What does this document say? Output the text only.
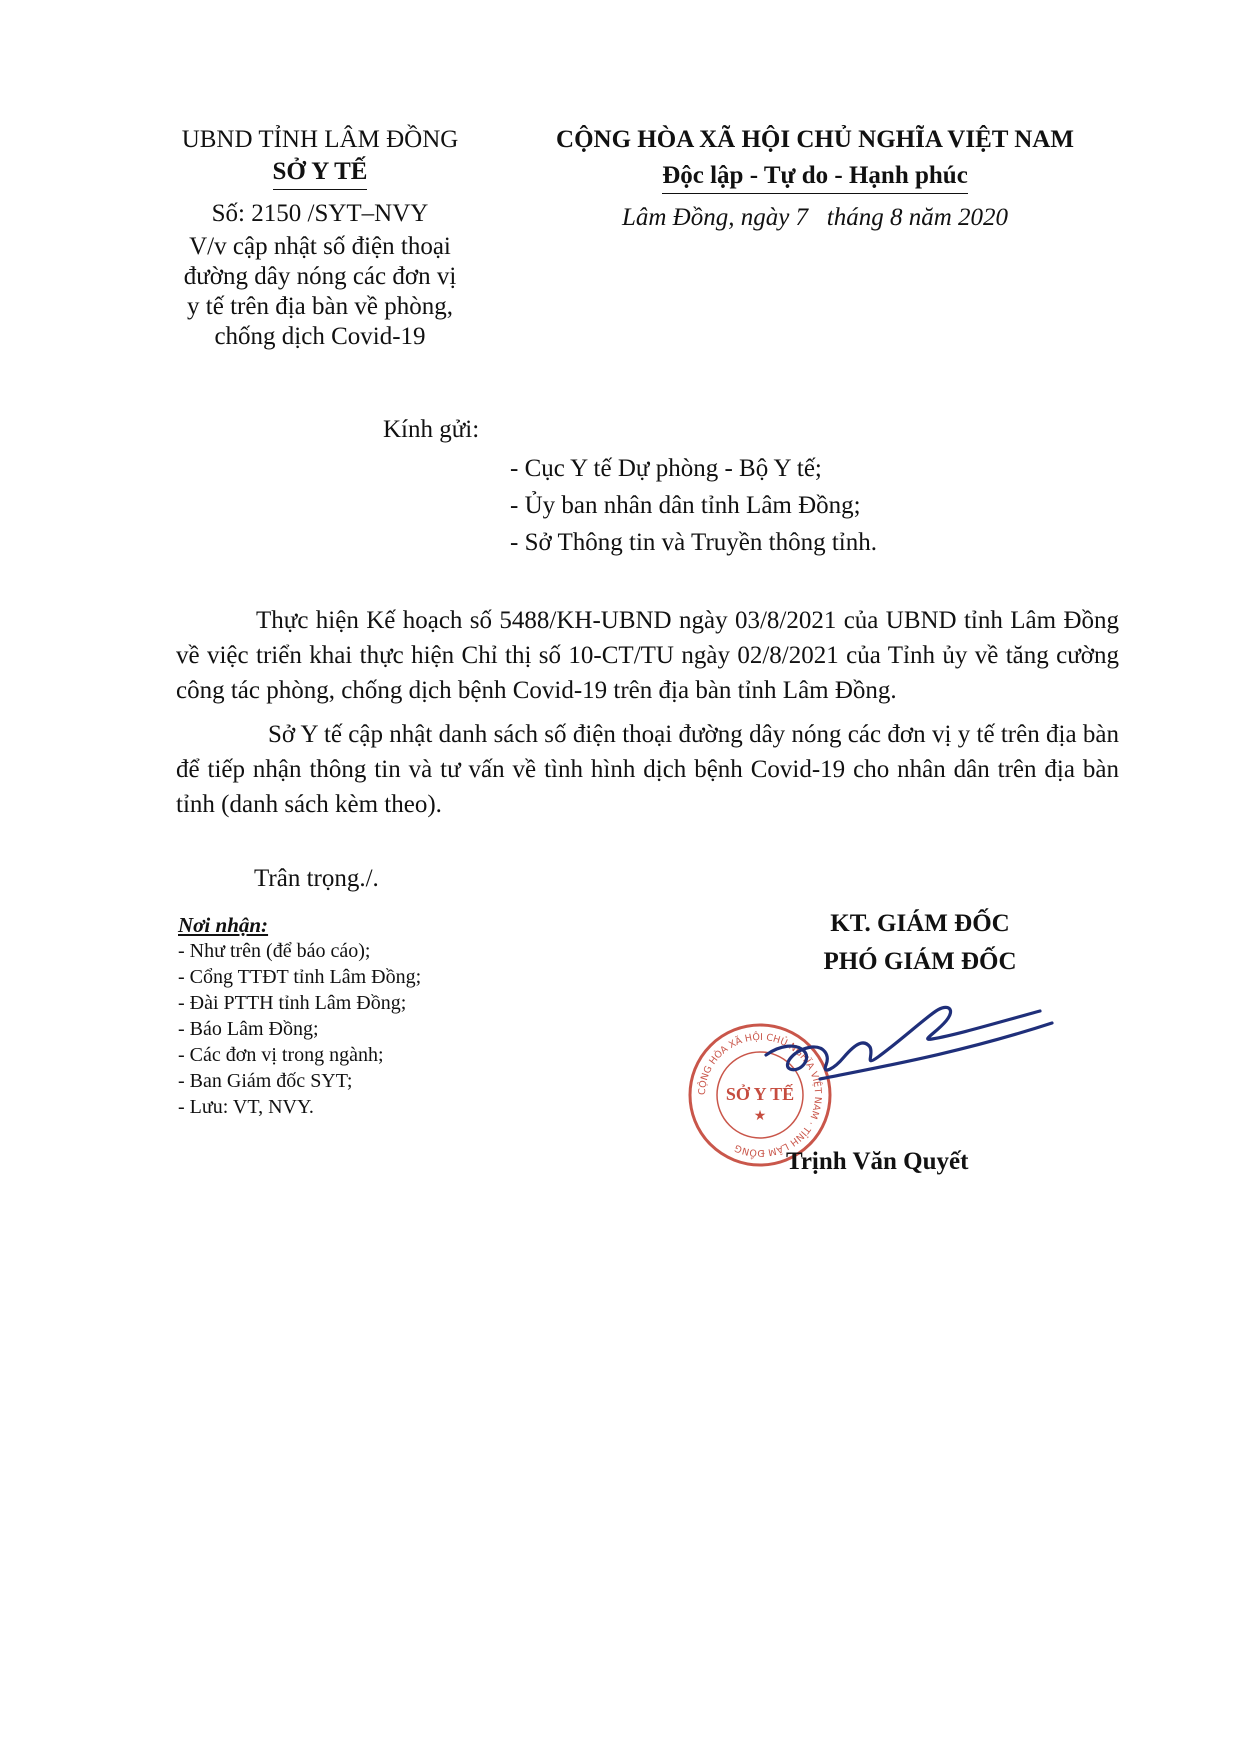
UBND TỈNH LÂM ĐỒNG
SỞ Y TẾ
Số: 2150 /SYT–NVY
V/v cập nhật số điện thoại
đường dây nóng các đơn vị
y tế trên địa bàn về phòng,
chống dịch Covid-19
CỘNG HÒA XÃ HỘI CHỦ NGHĨA VIỆT NAM
Độc lập - Tự do - Hạnh phúc
Lâm Đồng, ngày 7   tháng 8 năm 2020
Kính gửi:
- Cục Y tế Dự phòng - Bộ Y tế;
- Ủy ban nhân dân tỉnh Lâm Đồng;
- Sở Thông tin và Truyền thông tỉnh.

Thực hiện Kế hoạch số 5488/KH-UBND ngày 03/8/2021 của UBND tỉnh Lâm Đồng về việc triển khai thực hiện Chỉ thị số 10-CT/TU ngày 02/8/2021 của Tỉnh ủy về tăng cường công tác phòng, chống dịch bệnh Covid-19 trên địa bàn tỉnh Lâm Đồng.

Sở Y tế cập nhật danh sách số điện thoại đường dây nóng các đơn vị y tế trên địa bàn để tiếp nhận thông tin và tư vấn về tình hình dịch bệnh Covid-19 cho nhân dân trên địa bàn tỉnh (danh sách kèm theo).

Trân trọng./.
Nơi nhận:
- Như trên (để báo cáo);
- Cổng TTĐT tỉnh Lâm Đồng;
- Đài PTTH tỉnh Lâm Đồng;
- Báo Lâm Đồng;
- Các đơn vị trong ngành;
- Ban Giám đốc SYT;
- Lưu: VT, NVY.
KT. GIÁM ĐỐC
PHÓ GIÁM ĐỐC
CỘNG HÒA XÃ HỘI CHỦ NGHĨA VIỆT NAM · TỈNH LÂM ĐỒNG
SỞ Y TẾ
★
Trịnh Văn Quyết
